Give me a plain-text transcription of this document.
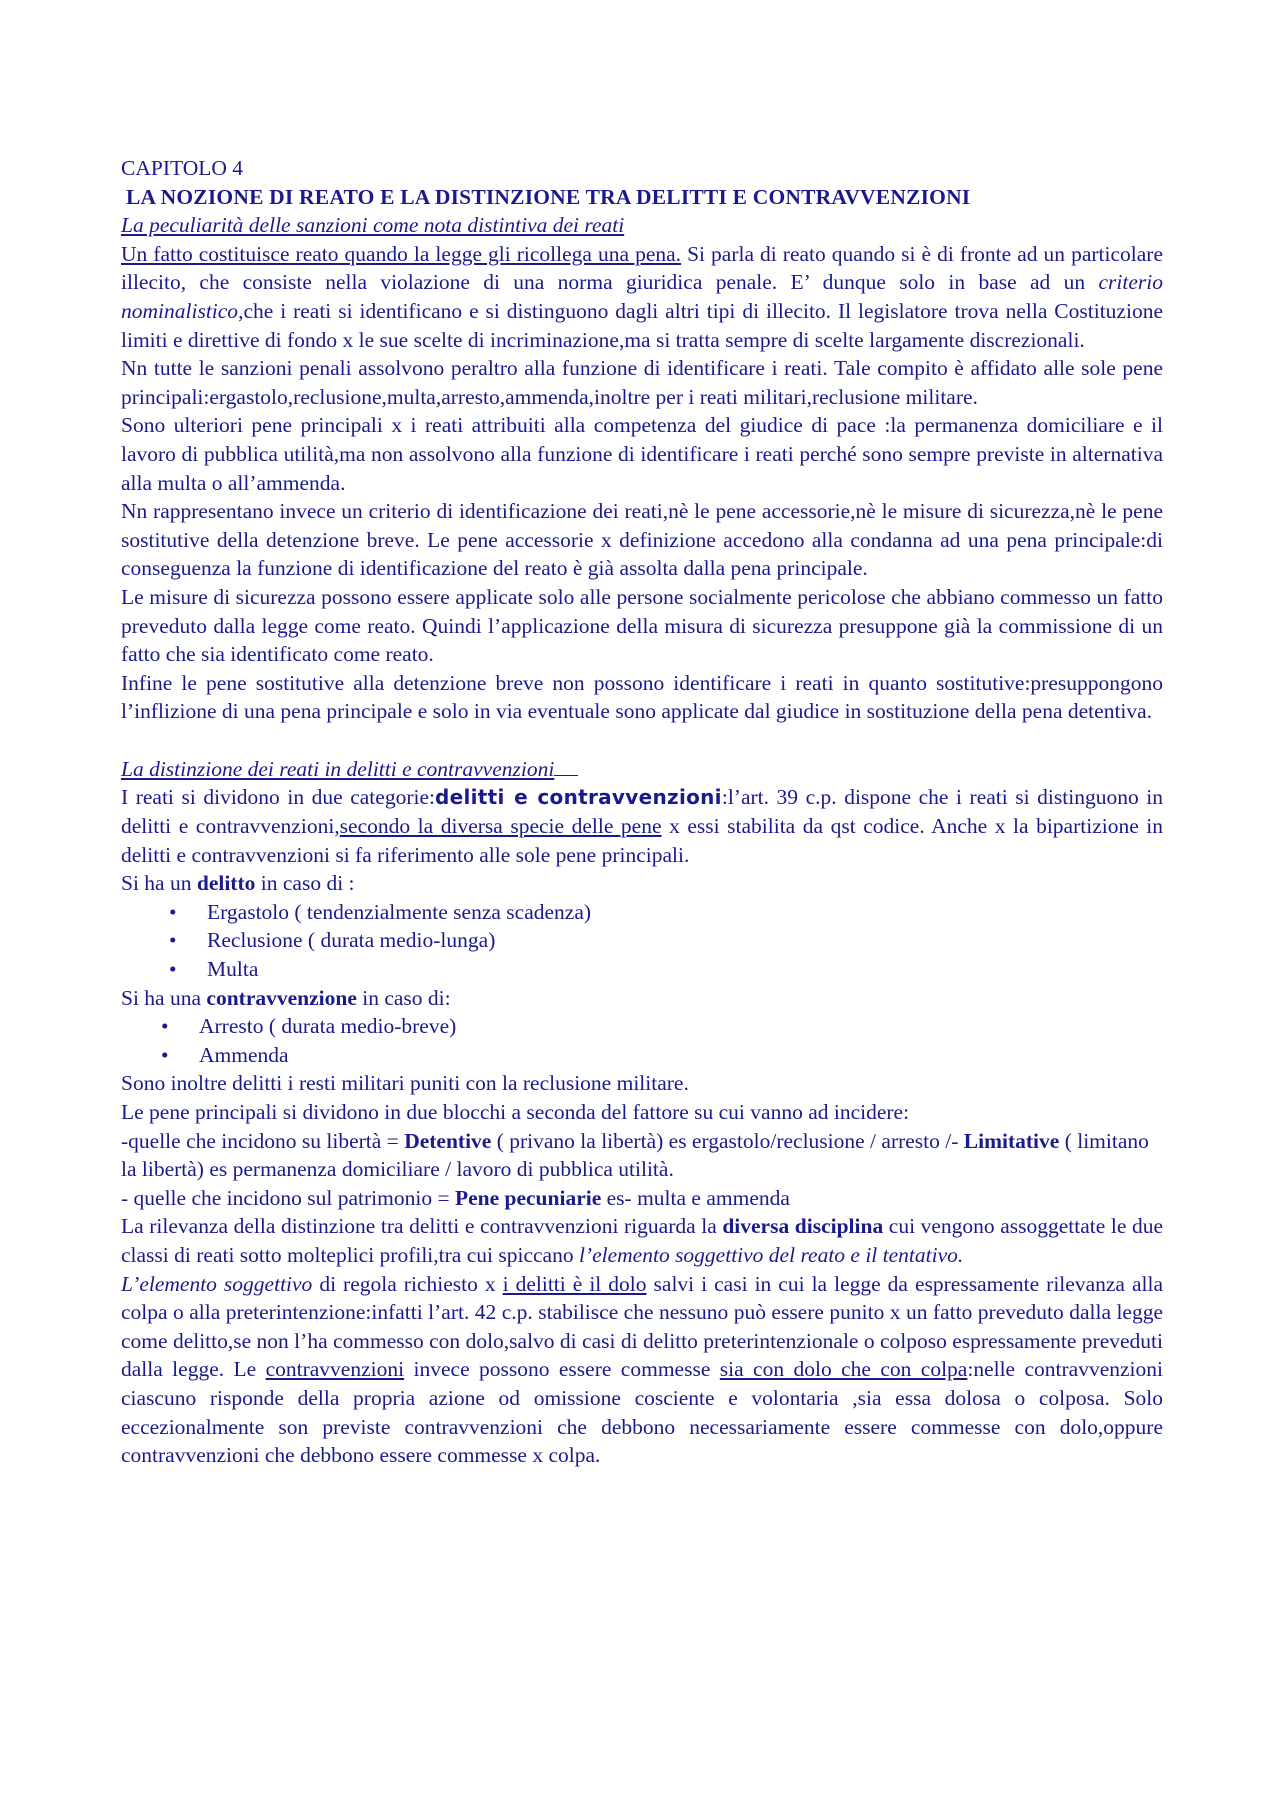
CAPITOLO 4

LA NOZIONE DI REATO E LA DISTINZIONE TRA DELITTI E CONTRAVVENZIONI

La peculiarità delle sanzioni come nota distintiva dei reati

Un fatto costituisce reato quando la legge gli ricollega una pena. Si parla di reato quando si è di fronte ad un particolare illecito, che consiste nella violazione di una norma giuridica penale. E’ dunque solo in base ad un criterio nominalistico,che i reati si identificano e si distinguono dagli altri tipi di illecito. Il legislatore trova nella Costituzione limiti e direttive di fondo x le sue scelte di incriminazione,ma si tratta sempre di scelte largamente discrezionali.

Nn tutte le sanzioni penali assolvono peraltro alla funzione di identificare i reati. Tale compito è affidato alle sole pene principali:ergastolo,reclusione,multa,arresto,ammenda,inoltre per i reati militari,reclusione militare.

Sono ulteriori pene principali x i reati attribuiti alla competenza del giudice di pace :la permanenza domiciliare e il lavoro di pubblica utilità,ma non assolvono alla funzione di identificare i reati perché sono sempre previste in alternativa alla multa o all’ammenda.

Nn rappresentano invece un criterio di identificazione dei reati,nè le pene accessorie,nè le misure di sicurezza,nè le pene sostitutive della detenzione breve. Le pene accessorie x definizione accedono alla condanna ad una pena principale:di conseguenza la funzione di identificazione del reato è già assolta dalla pena principale.

Le misure di sicurezza possono essere applicate solo alle persone socialmente pericolose che abbiano commesso un fatto preveduto dalla legge come reato. Quindi l’applicazione della misura di sicurezza presuppone già la commissione di un fatto che sia identificato come reato.

Infine le pene sostitutive alla detenzione breve non possono identificare i reati in quanto sostitutive:presuppongono l’inflizione di una pena principale e solo in via eventuale sono applicate dal giudice in sostituzione della pena detentiva.

La distinzione dei reati in delitti e contravvenzioni

I reati si dividono in due categorie:delitti e contravvenzioni:l’art. 39 c.p. dispone che i reati si distinguono in delitti e contravvenzioni,secondo la diversa specie delle pene x essi stabilita da qst codice. Anche x la bipartizione in delitti e contravvenzioni si fa riferimento alle sole pene principali.

Si ha un delitto in caso di :

• Ergastolo ( tendenzialmente senza scadenza)
• Reclusione ( durata medio-lunga)
• Multa

Si ha una contravvenzione in caso di:

• Arresto ( durata medio-breve)
• Ammenda

Sono inoltre delitti i resti militari puniti con la reclusione militare.

Le pene principali si dividono in due blocchi a seconda del fattore su cui vanno ad incidere:

-quelle che incidono su libertà = Detentive ( privano la libertà) es ergastolo/reclusione / arresto /- Limitative ( limitano la libertà) es permanenza domiciliare / lavoro di pubblica utilità.

- quelle che incidono sul patrimonio = Pene pecuniarie es- multa e ammenda

La rilevanza della distinzione tra delitti e contravvenzioni riguarda la diversa disciplina cui vengono assoggettate le due classi di reati sotto molteplici profili,tra cui spiccano l’elemento soggettivo del reato e il tentativo.

L’elemento soggettivo di regola richiesto x i delitti è il dolo salvi i casi in cui la legge da espressamente rilevanza alla colpa o alla preterintenzione:infatti l’art. 42 c.p. stabilisce che nessuno può essere punito x un fatto preveduto dalla legge come delitto,se non l’ha commesso con dolo,salvo di casi di delitto preterintenzionale o colposo espressamente preveduti dalla legge. Le contravvenzioni invece possono essere commesse sia con dolo che con colpa:nelle contravvenzioni ciascuno risponde della propria azione od omissione cosciente e volontaria ,sia essa dolosa o colposa. Solo eccezionalmente son previste contravvenzioni che debbono necessariamente essere commesse con dolo,oppure contravvenzioni che debbono essere commesse x colpa.
